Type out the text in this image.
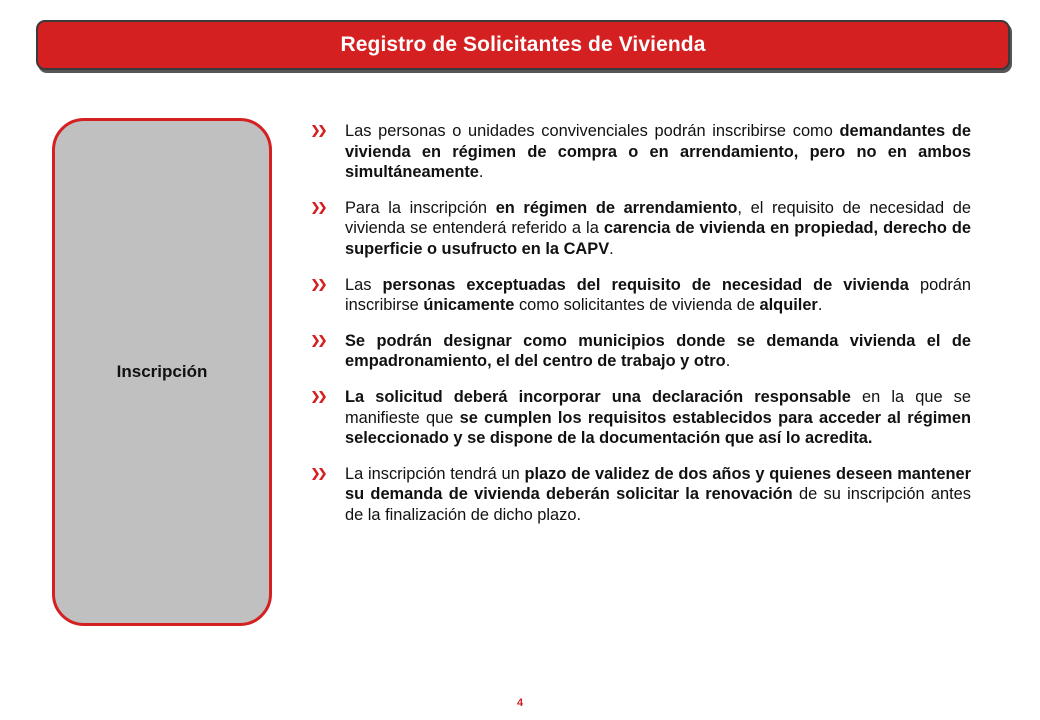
Registro de Solicitantes de Vivienda
Inscripción

Las personas o unidades convivenciales podrán inscribirse como demandantes de vivienda en régimen de compra o en arrendamiento, pero no en ambos simultáneamente.

Para la inscripción en régimen de arrendamiento, el requisito de necesidad de vivienda se entenderá referido a la carencia de vivienda en propiedad, derecho de superficie o usufructo en la CAPV.

Las personas exceptuadas del requisito de necesidad de vivienda podrán inscribirse únicamente como solicitantes de vivienda de alquiler.

Se podrán designar como municipios donde se demanda vivienda el de empadronamiento, el del centro de trabajo y otro.

La solicitud deberá incorporar una declaración responsable en la que se manifieste que se cumplen los requisitos establecidos para acceder al régimen seleccionado y se dispone de la documentación que así lo acredita.

La inscripción tendrá un plazo de validez de dos años y quienes deseen mantener su demanda de vivienda deberán solicitar la renovación de su inscripción antes de la finalización de dicho plazo.

4
